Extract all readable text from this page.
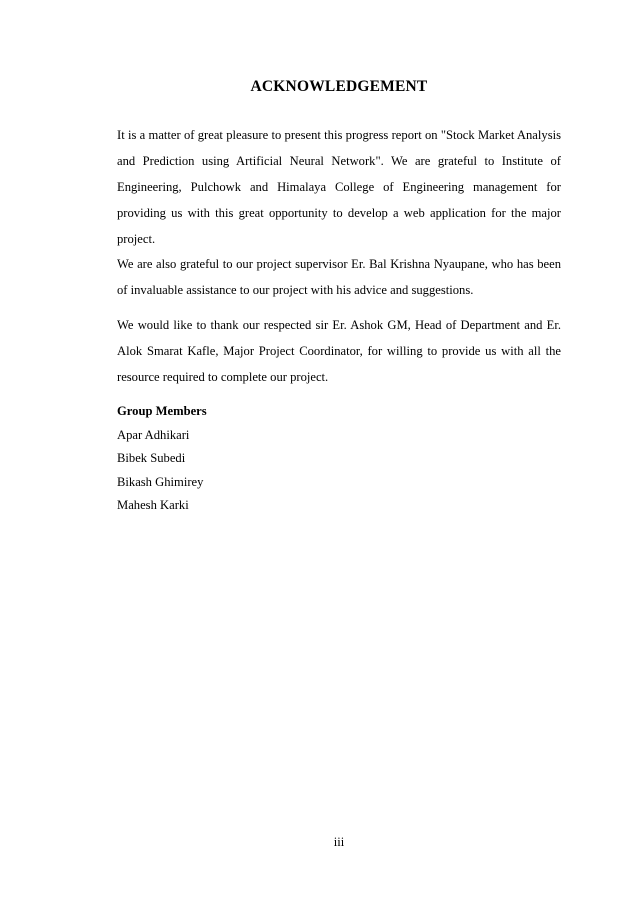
ACKNOWLEDGEMENT

It is a matter of great pleasure to present this progress report on "Stock Market Analysis and Prediction using Artificial Neural Network". We are grateful to Institute of Engineering, Pulchowk and Himalaya College of Engineering management for providing us with this great opportunity to develop a web application for the major project.

We are also grateful to our project supervisor Er. Bal Krishna Nyaupane, who has been of invaluable assistance to our project with his advice and suggestions.

We would like to thank our respected sir Er. Ashok GM, Head of Department and Er. Alok Smarat Kafle, Major Project Coordinator, for willing to provide us with all the resource required to complete our project.

Group Members
Apar Adhikari
Bibek Subedi
Bikash Ghimirey
Mahesh Karki

iii
